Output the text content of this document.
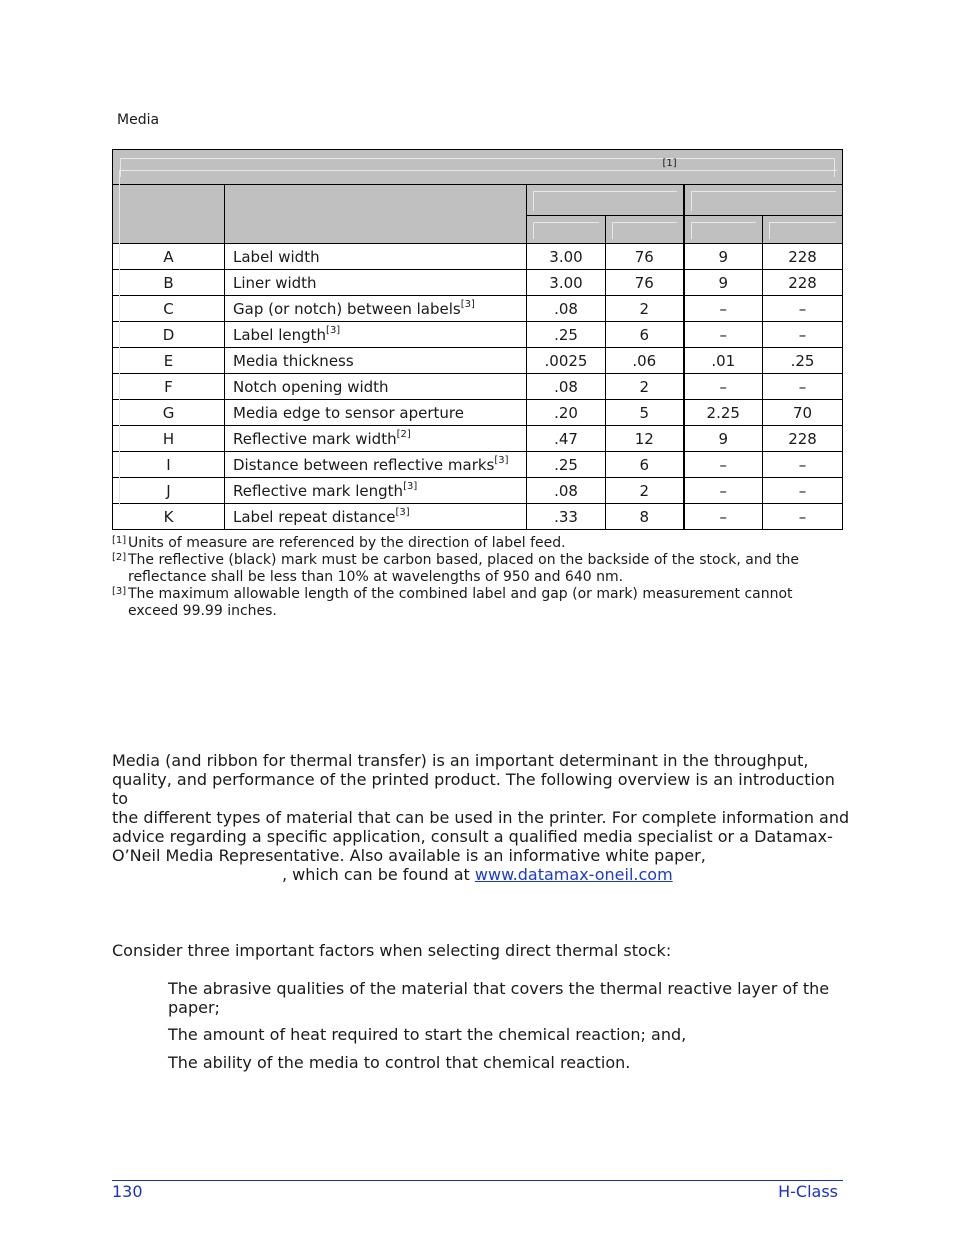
Media
[1]					

A	Label width	3.00	76	9	228
B	Liner width	3.00	76	9	228
C	Gap (or notch) between labels[3]	.08	2	–	–
D	Label length[3]	.25	6	–	–
E	Media thickness	.0025	.06	.01	.25
F	Notch opening width	.08	2	–	–
G	Media edge to sensor aperture	.20	5	2.25	70
H	Reflective mark width[2]	.47	12	9	228
I	Distance between reflective marks[3]	.25	6	–	–
J	Reflective mark length[3]	.08	2	–	–
K	Label repeat distance[3]	.33	8	–	–
[1] Units of measure are referenced by the direction of label feed.
[2] The reflective (black) mark must be carbon based, placed on the backside of the stock, and the reflectance shall be less than 10% at wavelengths of 950 and 640 nm.
[3] The maximum allowable length of the combined label and gap (or mark) measurement cannot exceed 99.99 inches.
Media (and ribbon for thermal transfer) is an important determinant in the throughput,
quality, and performance of the printed product. The following overview is an introduction to
the different types of material that can be used in the printer. For complete information and
advice regarding a specific application, consult a qualified media specialist or a Datamax-
O’Neil Media Representative. Also available is an informative white paper,
, which can be found at www.datamax-oneil.com
Consider three important factors when selecting direct thermal stock:
The abrasive qualities of the material that covers the thermal reactive layer of the paper;
The amount of heat required to start the chemical reaction; and,
The ability of the media to control that chemical reaction.
130	H-Class
